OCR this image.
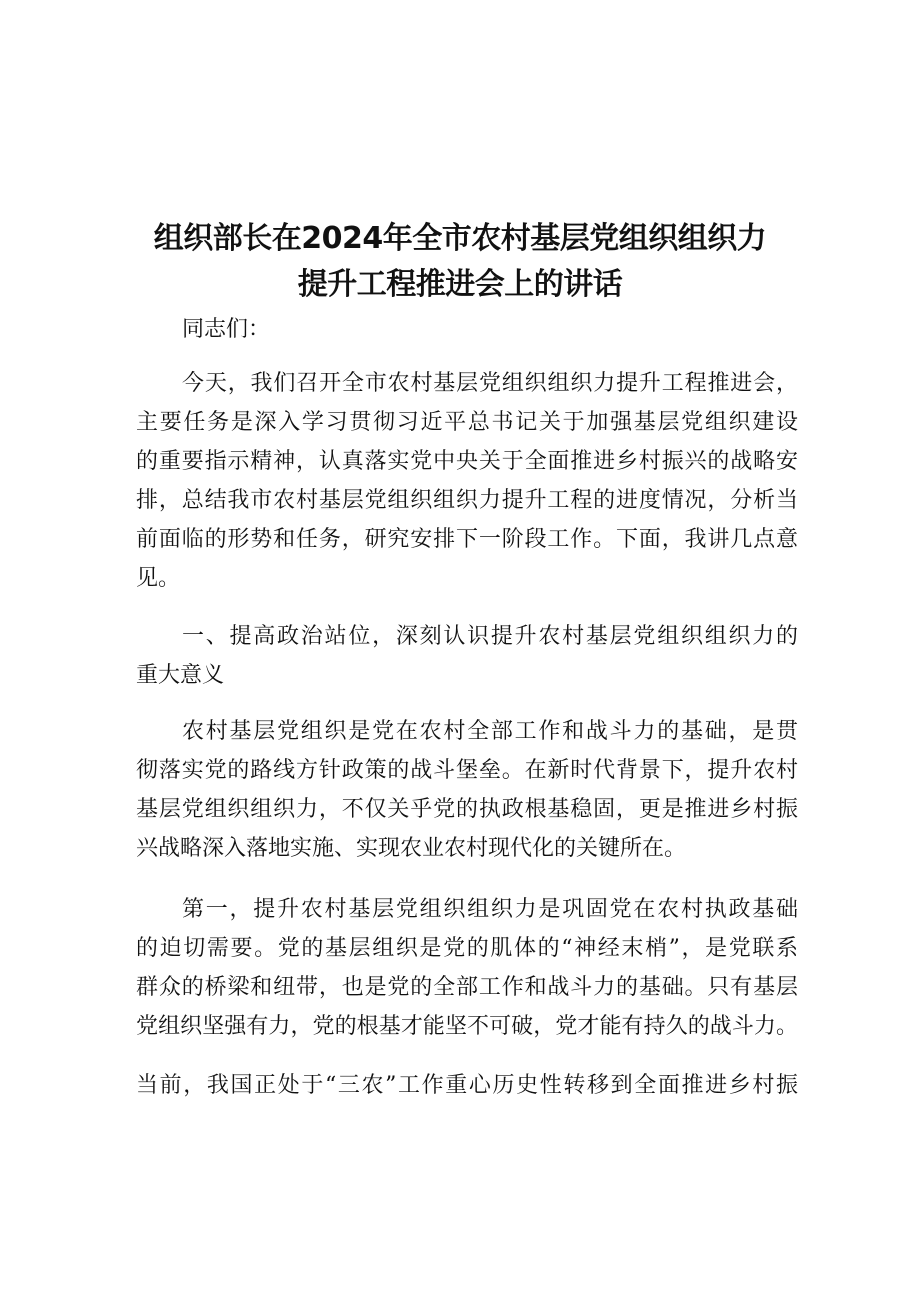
组织部长在2024年全市农村基层党组织组织力
提升工程推进会上的讲话
同志们：
今天，我们召开全市农村基层党组织组织力提升工程推进会，
主要任务是深入学习贯彻习近平总书记关于加强基层党组织建设
的重要指示精神，认真落实党中央关于全面推进乡村振兴的战略安
排，总结我市农村基层党组织组织力提升工程的进度情况，分析当
前面临的形势和任务，研究安排下一阶段工作。下面，我讲几点意
见。
一、提高政治站位，深刻认识提升农村基层党组织组织力的
重大意义
农村基层党组织是党在农村全部工作和战斗力的基础，是贯
彻落实党的路线方针政策的战斗堡垒。在新时代背景下，提升农村
基层党组织组织力，不仅关乎党的执政根基稳固，更是推进乡村振
兴战略深入落地实施、实现农业农村现代化的关键所在。
第一，提升农村基层党组织组织力是巩固党在农村执政基础
的迫切需要。党的基层组织是党的肌体的“神经末梢”，是党联系
群众的桥梁和纽带，也是党的全部工作和战斗力的基础。只有基层
党组织坚强有力，党的根基才能坚不可破，党才能有持久的战斗力。
当前，我国正处于“三农”工作重心历史性转移到全面推进乡村振
